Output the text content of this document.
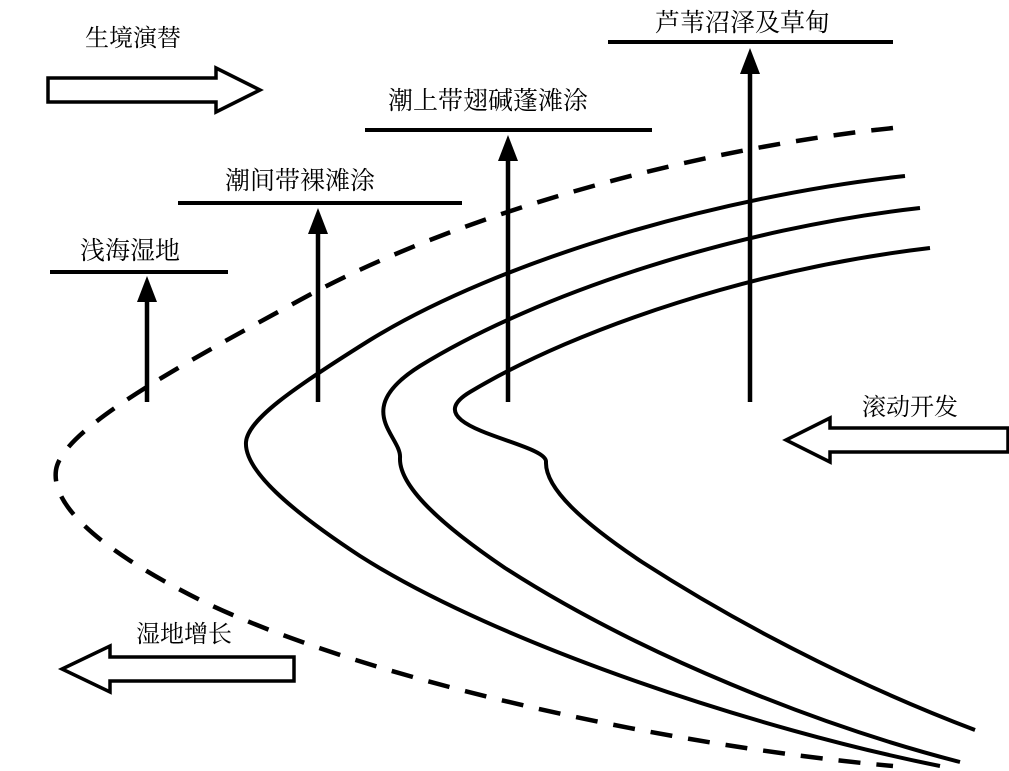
浅海湿地
潮间带裸滩涂
潮上带翅碱蓬滩涂
芦苇沼泽及草甸
生境演替
滚动开发
湿地增长
